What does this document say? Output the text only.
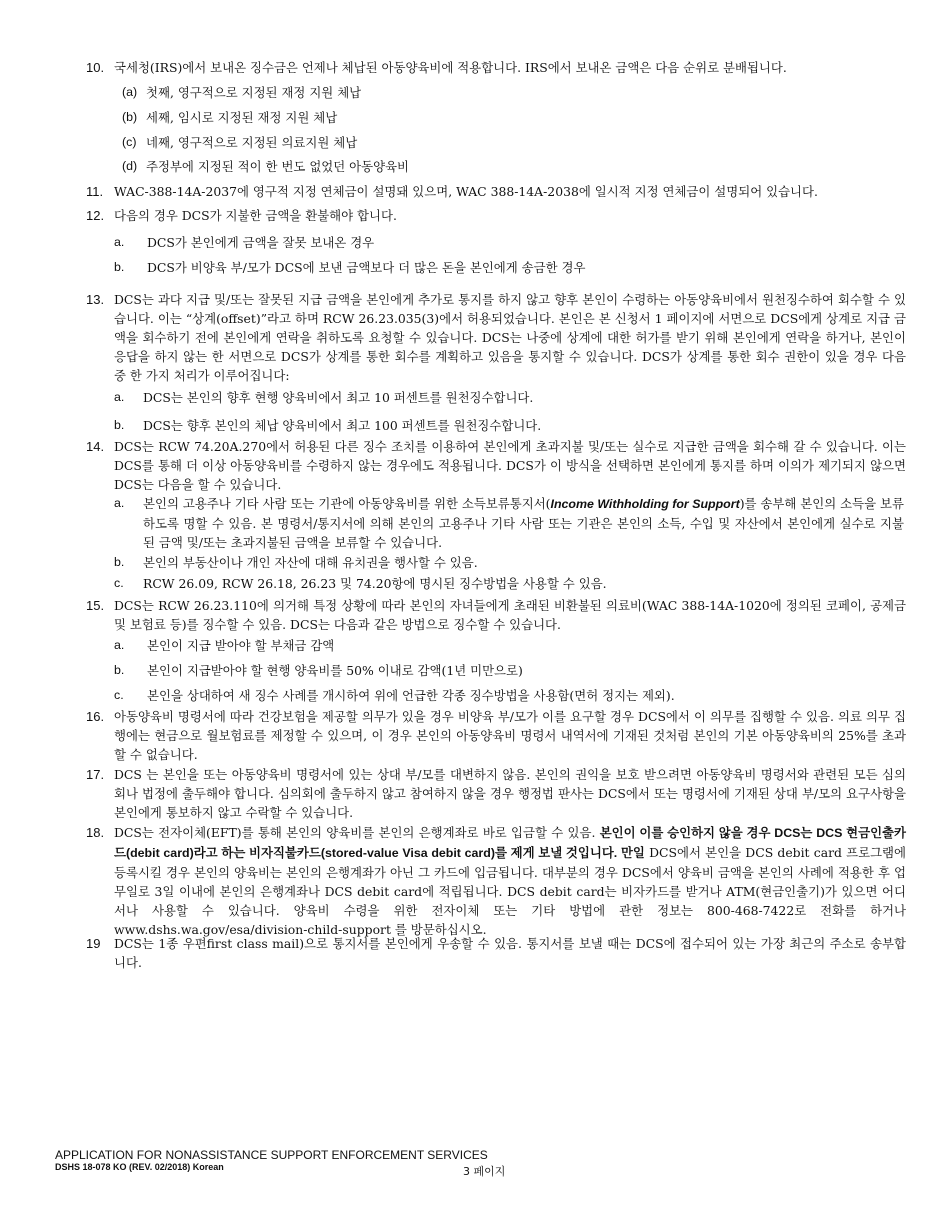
10. 국세청(IRS)에서 보내온 징수금은 언제나 체납된 아동양육비에 적용합니다. IRS에서 보내온 금액은 다음 순위로 분배됩니다.
(a) 첫째, 영구적으로 지정된 재정 지원 체납
(b) 세째, 임시로 지정된 재정 지원 체납
(c) 네째, 영구적으로 지정된 의료지원 체납
(d) 주정부에 지정된 적이 한 번도 없었던 아동양육비
11. WAC-388-14A-2037에 영구적 지정 연체금이 설명돼 있으며, WAC 388-14A-2038에 일시적 지정 연체금이 설명되어 있습니다.
12. 다음의 경우 DCS가 지불한 금액을 환불해야 합니다.
a. DCS가 본인에게 금액을 잘못 보내온 경우
b. DCS가 비양육 부/모가 DCS에 보낸 금액보다 더 많은 돈을 본인에게 송금한 경우
13. DCS는 과다 지급 및/또는 잘못된 지급 금액을 본인에게 추가로 통지를 하지 않고 향후 본인이 수령하는 아동양육비에서 원천징수하여 회수할 수 있습니다. 이는 “상계(offset)”라고 하며 RCW 26.23.035(3)에서 허용되었습니다. 본인은 본 신청서 1 페이지에 서면으로 DCS에게 상계로 지급 금액을 회수하기 전에 본인에게 연락을 취하도록 요청할 수 있습니다. DCS는 나중에 상계에 대한 허가를 받기 위해 본인에게 연락을 하거나, 본인이 응답을 하지 않는 한 서면으로 DCS가 상계를 통한 회수를 계획하고 있음을 통지할 수 있습니다. DCS가 상계를 통한 회수 권한이 있을 경우 다음 중 한 가지 처리가 이루어집니다:
a. DCS는 본인의 향후 현행 양육비에서 최고 10 퍼센트를 원천징수합니다.
b. DCS는 향후 본인의 체납 양육비에서 최고 100 퍼센트를 원천징수합니다.
14. DCS는 RCW 74.20A.270에서 허용된 다른 징수 조치를 이용하여 본인에게 초과지불 및/또는 실수로 지급한 금액을 회수해 갈 수 있습니다. 이는 DCS를 통해 더 이상 아동양육비를 수령하지 않는 경우에도 적용됩니다. DCS가 이 방식을 선택하면 본인에게 통지를 하며 이의가 제기되지 않으면 DCS는 다음을 할 수 있습니다.
a. 본인의 고용주나 기타 사람 또는 기관에 아동양육비를 위한 소득보류통지서(Income Withholding for Support)를 송부해 본인의 소득을 보류하도록 명할 수 있음. 본 명령서/통지서에 의해 본인의 고용주나 기타 사람 또는 기관은 본인의 소득, 수입 및 자산에서 본인에게 실수로 지불된 금액 및/또는 초과지불된 금액을 보류할 수 있습니다.
b. 본인의 부동산이나 개인 자산에 대해 유치권을 행사할 수 있음.
c. RCW 26.09, RCW 26.18, 26.23 및 74.20항에 명시된 징수방법을 사용할 수 있음.
15. DCS는 RCW 26.23.110에 의거해 특정 상황에 따라 본인의 자녀들에게 초래된 비환불된 의료비(WAC 388-14A-1020에 정의된 코페이, 공제금 및 보험료 등)를 징수할 수 있음. DCS는 다음과 같은 방법으로 징수할 수 있습니다.
a. 본인이 지급 받아야 할 부채금 감액
b. 본인이 지급받아야 할 현행 양육비를 50% 이내로 감액(1년 미만으로)
c. 본인을 상대하여 새 징수 사례를 개시하여 위에 언급한 각종 징수방법을 사용함(면허 정지는 제외).
16. 아동양육비 명령서에 따라 건강보험을 제공할 의무가 있을 경우 비양육 부/모가 이를 요구할 경우 DCS에서 이 의무를 집행할 수 있음. 의료 의무 집행에는 현금으로 월보험료를 제정할 수 있으며, 이 경우 본인의 아동양육비 명령서 내역서에 기재된 것처럼 본인의 기본 아동양육비의 25%를 초과할 수 없습니다.
17. DCS 는 본인을 또는 아동양육비 명령서에 있는 상대 부/모를 대변하지 않음. 본인의 권익을 보호 받으려면 아동양육비 명령서와 관련된 모든 심의회나 법정에 출두해야 합니다. 심의회에 출두하지 않고 참여하지 않을 경우 행정법 판사는 DCS에서 또는 명령서에 기재된 상대 부/모의 요구사항을 본인에게 통보하지 않고 수락할 수 있습니다.
18. DCS는 전자이체(EFT)를 통해 본인의 양육비를 본인의 은행계좌로 바로 입금할 수 있음. 본인이 이를 승인하지 않을 경우 DCS는 DCS 현금인출카드(debit card)라고 하는 비자직불카드(stored-value Visa debit card)를 제게 보낼 것입니다. 만일 DCS에서 본인을 DCS debit card 프로그램에 등록시킬 경우 본인의 양육비는 본인의 은행계좌가 아닌 그 카드에 입금됩니다. 대부분의 경우 DCS에서 양육비 금액을 본인의 사례에 적용한 후 업무일로 3일 이내에 본인의 은행계좌나 DCS debit card에 적립됩니다. DCS debit card는 비자카드를 받거나 ATM(현금인출기)가 있으면 어디서나 사용할 수 있습니다. 양육비 수령을 위한 전자이체 또는 기타 방법에 관한 정보는 800-468-7422로 전화를 하거나 www.dshs.wa.gov/esa/division-child-support 를 방문하십시오.
19 DCS는 1종 우편first class mail)으로 통지서를 본인에게 우송할 수 있음. 통지서를 보낼 때는 DCS에 접수되어 있는 가장 최근의 주소로 송부합니다.
APPLICATION FOR NONASSISTANCE SUPPORT ENFORCEMENT SERVICES
DSHS 18-078 KO (REV. 02/2018) Korean	3 페이지
